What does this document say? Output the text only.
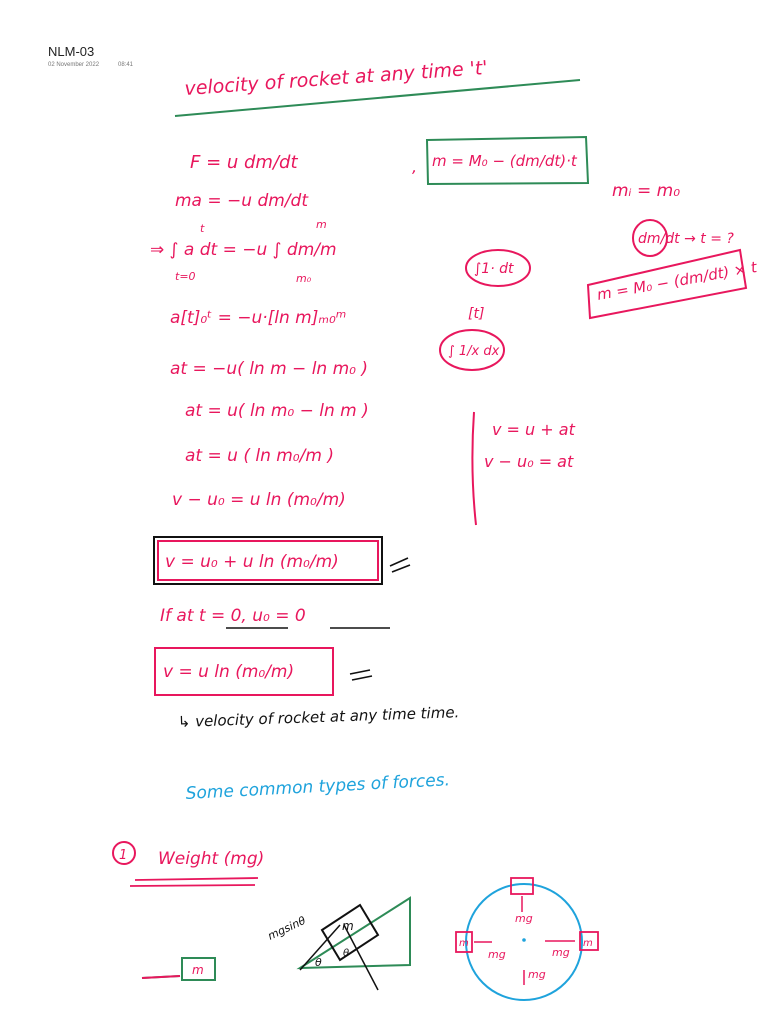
NLM-03
02 November 2022	08:41	velocity of rocket at any time 't'
F = u dm/dt	, m = M₀ − (dm/dt)·t
ma = −u dm/dt
⇒ ∫ a dt = −u ∫ dm/m
t=0
t
m₀
m
mᵢ = m₀
dm/dt → t = ?
m = M₀ − (dm/dt) × t
∫1· dt
[t]
∫ 1/x dx
a[t]₀ᵗ = −u·[ln m]ₘ₀ᵐ
at = −u( ln m − ln m₀ )
at = u( ln m₀ − ln m )
at = u ( ln m₀/m )
v − u₀ = u ln (m₀/m)
v = u + at
v − u₀ = at
v = u₀ + u ln (m₀/m)
If at t = 0, u₀ = 0
v = u ln (m₀/m)
↳ velocity of rocket at any time time.
Some common types of forces.
1 Weight (mg)
m
mgsinθ
θ
θ
m
mg
m
mg
m
mg
mg
